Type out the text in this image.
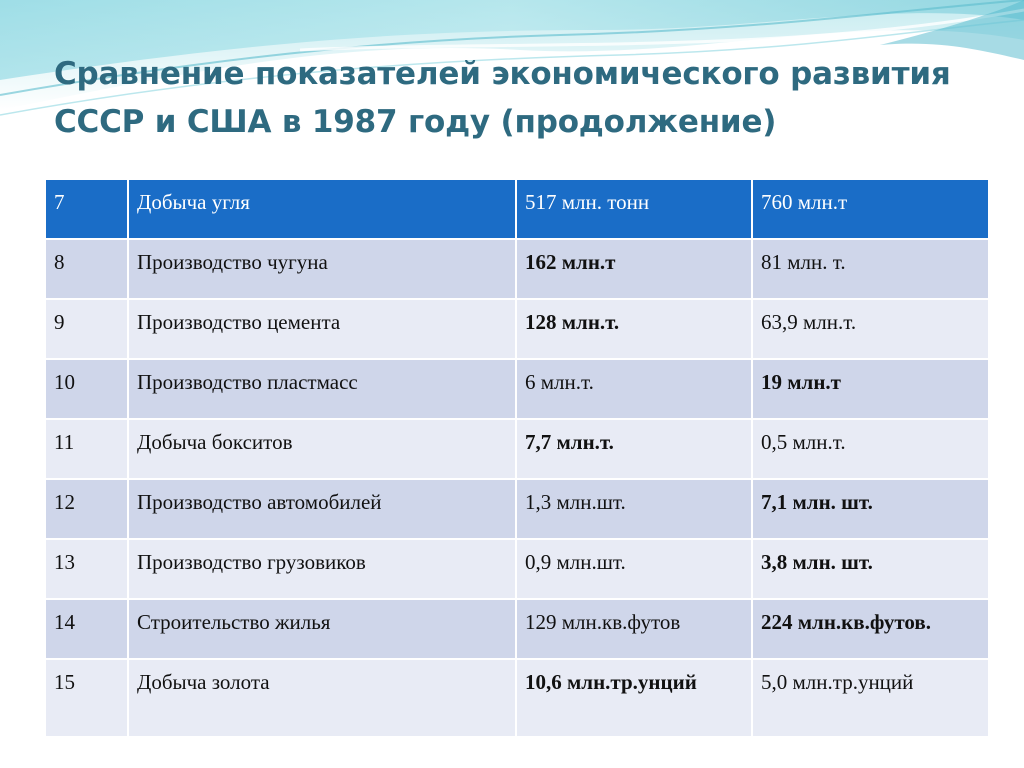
Сравнение показателей экономического развития
СССР и США в 1987 году (продолжение)
7	Добыча угля	517 млн. тонн	760 млн.т
8	Производство чугуна	162 млн.т	81 млн. т.
9	Производство цемента	128 млн.т.	63,9 млн.т.
10	Производство пластмасс	6 млн.т.	19 млн.т
11	Добыча бокситов	7,7 млн.т.	0,5 млн.т.
12	Производство автомобилей	1,3 млн.шт.	7,1 млн. шт.
13	Производство грузовиков	0,9 млн.шт.	3,8 млн. шт.
14	Строительство жилья	129 млн.кв.футов	224 млн.кв.футов.
15	Добыча золота	10,6 млн.тр.унций	5,0 млн.тр.унций
